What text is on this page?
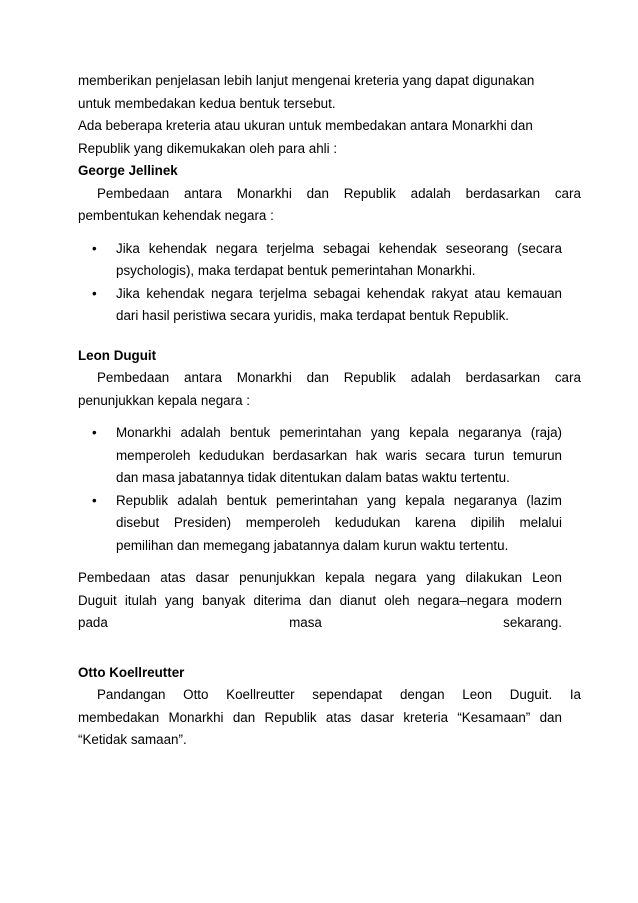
memberikan penjelasan lebih lanjut mengenai kreteria yang dapat digunakan

untuk membedakan kedua bentuk tersebut.

Ada beberapa kreteria atau ukuran untuk membedakan antara Monarkhi dan

Republik yang dikemukakan oleh para ahli :

George Jellinek

Pembedaan antara Monarkhi dan Republik adalah berdasarkan cara

pembentukan kehendak negara :

• Jika kehendak negara terjelma sebagai kehendak seseorang (secara

psychologis), maka terdapat bentuk pemerintahan Monarkhi.

• Jika kehendak negara terjelma sebagai kehendak rakyat atau kemauan

dari hasil peristiwa secara yuridis, maka terdapat bentuk Republik.

Leon Duguit

Pembedaan antara Monarkhi dan Republik adalah berdasarkan cara

penunjukkan kepala negara :

• Monarkhi adalah bentuk pemerintahan yang kepala negaranya (raja)

memperoleh kedudukan berdasarkan hak waris secara turun temurun

dan masa jabatannya tidak ditentukan dalam batas waktu tertentu.

• Republik adalah bentuk pemerintahan yang kepala negaranya (lazim

disebut Presiden) memperoleh kedudukan karena dipilih melalui

pemilihan dan memegang jabatannya dalam kurun waktu tertentu.

Pembedaan atas dasar penunjukkan kepala negara yang dilakukan Leon

Duguit itulah yang banyak diterima dan dianut oleh negara–negara modern

pada	masa	sekarang.

Otto Koellreutter

Pandangan Otto Koellreutter sependapat dengan Leon Duguit. Ia

membedakan Monarkhi dan Republik atas dasar kreteria “Kesamaan” dan

“Ketidak samaan”.
